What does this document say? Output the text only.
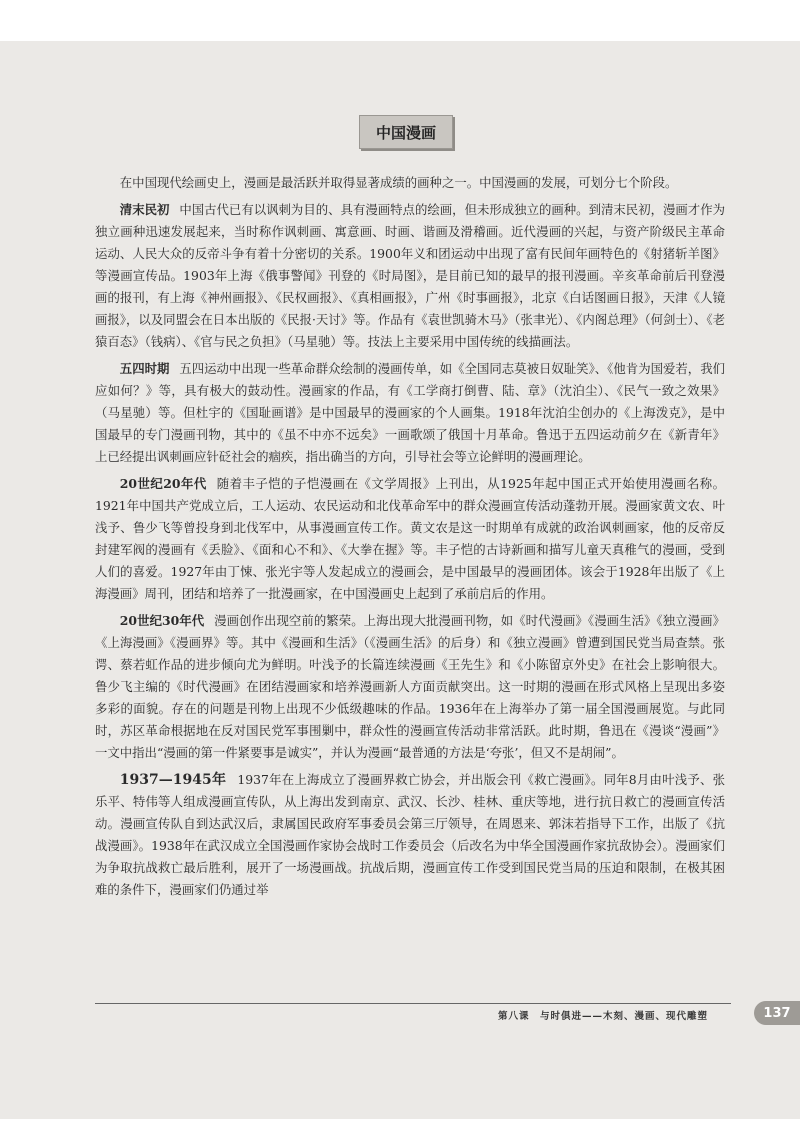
中国漫画

在中国现代绘画史上，漫画是最活跃并取得显著成绩的画种之一。中国漫画的发展，可划分七个阶段。

清末民初 中国古代已有以讽刺为目的、具有漫画特点的绘画，但未形成独立的画种。到清末民初，漫画才作为独立画种迅速发展起来，当时称作讽刺画、寓意画、时画、谐画及滑稽画。近代漫画的兴起，与资产阶级民主革命运动、人民大众的反帝斗争有着十分密切的关系。1900年义和团运动中出现了富有民间年画特色的《射猪斩羊图》等漫画宣传品。1903年上海《俄事警闻》刊登的《时局图》，是目前已知的最早的报刊漫画。辛亥革命前后刊登漫画的报刊，有上海《神州画报》、《民权画报》、《真相画报》，广州《时事画报》，北京《白话图画日报》，天津《人镜画报》，以及同盟会在日本出版的《民报·天讨》等。作品有《袁世凯骑木马》（张聿光）、《内阁总理》（何剑士）、《老猿百态》（钱病）、《官与民之负担》（马星驰）等。技法上主要采用中国传统的线描画法。

五四时期 五四运动中出现一些革命群众绘制的漫画传单，如《全国同志莫被日奴耻笑》、《他肯为国爱若，我们应如何？》等，具有极大的鼓动性。漫画家的作品，有《工学商打倒曹、陆、章》（沈泊尘）、《民气一致之效果》（马星驰）等。但杜宇的《国耻画谱》是中国最早的漫画家的个人画集。1918年沈泊尘创办的《上海泼克》，是中国最早的专门漫画刊物，其中的《虽不中亦不远矣》一画歌颂了俄国十月革命。鲁迅于五四运动前夕在《新青年》上已经提出讽刺画应针砭社会的痼疾，指出确当的方向，引导社会等立论鲜明的漫画理论。

20世纪20年代 随着丰子恺的子恺漫画在《文学周报》上刊出，从1925年起中国正式开始使用漫画名称。1921年中国共产党成立后，工人运动、农民运动和北伐革命军中的群众漫画宣传活动蓬勃开展。漫画家黄文农、叶浅予、鲁少飞等曾投身到北伐军中，从事漫画宣传工作。黄文农是这一时期单有成就的政治讽刺画家，他的反帝反封建军阀的漫画有《丢脸》、《面和心不和》、《大拳在握》等。丰子恺的古诗新画和描写儿童天真稚气的漫画，受到人们的喜爱。1927年由丁悚、张光宇等人发起成立的漫画会，是中国最早的漫画团体。该会于1928年出版了《上海漫画》周刊，团结和培养了一批漫画家，在中国漫画史上起到了承前启后的作用。

20世纪30年代 漫画创作出现空前的繁荣。上海出现大批漫画刊物，如《时代漫画》《漫画生活》《独立漫画》《上海漫画》《漫画界》等。其中《漫画和生活》（《漫画生活》的后身）和《独立漫画》曾遭到国民党当局查禁。张谔、蔡若虹作品的进步倾向尤为鲜明。叶浅予的长篇连续漫画《王先生》和《小陈留京外史》在社会上影响很大。鲁少飞主编的《时代漫画》在团结漫画家和培养漫画新人方面贡献突出。这一时期的漫画在形式风格上呈现出多姿多彩的面貌。存在的问题是刊物上出现不少低级趣味的作品。1936年在上海举办了第一届全国漫画展览。与此同时，苏区革命根据地在反对国民党军事围剿中，群众性的漫画宣传活动非常活跃。此时期，鲁迅在《漫谈“漫画”》一文中指出“漫画的第一件紧要事是诚实”，并认为漫画“最普通的方法是‘夸张’，但又不是胡闹”。

1937—1945年 1937年在上海成立了漫画界救亡协会，并出版会刊《救亡漫画》。同年8月由叶浅予、张乐平、特伟等人组成漫画宣传队，从上海出发到南京、武汉、长沙、桂林、重庆等地，进行抗日救亡的漫画宣传活动。漫画宣传队自到达武汉后，隶属国民政府军事委员会第三厅领导，在周恩来、郭沫若指导下工作，出版了《抗战漫画》。1938年在武汉成立全国漫画作家协会战时工作委员会（后改名为中华全国漫画作家抗敌协会）。漫画家们为争取抗战救亡最后胜利，展开了一场漫画战。抗战后期，漫画宣传工作受到国民党当局的压迫和限制，在极其困难的条件下，漫画家们仍通过举

第八课　与时俱进——木刻、漫画、现代雕塑	137
